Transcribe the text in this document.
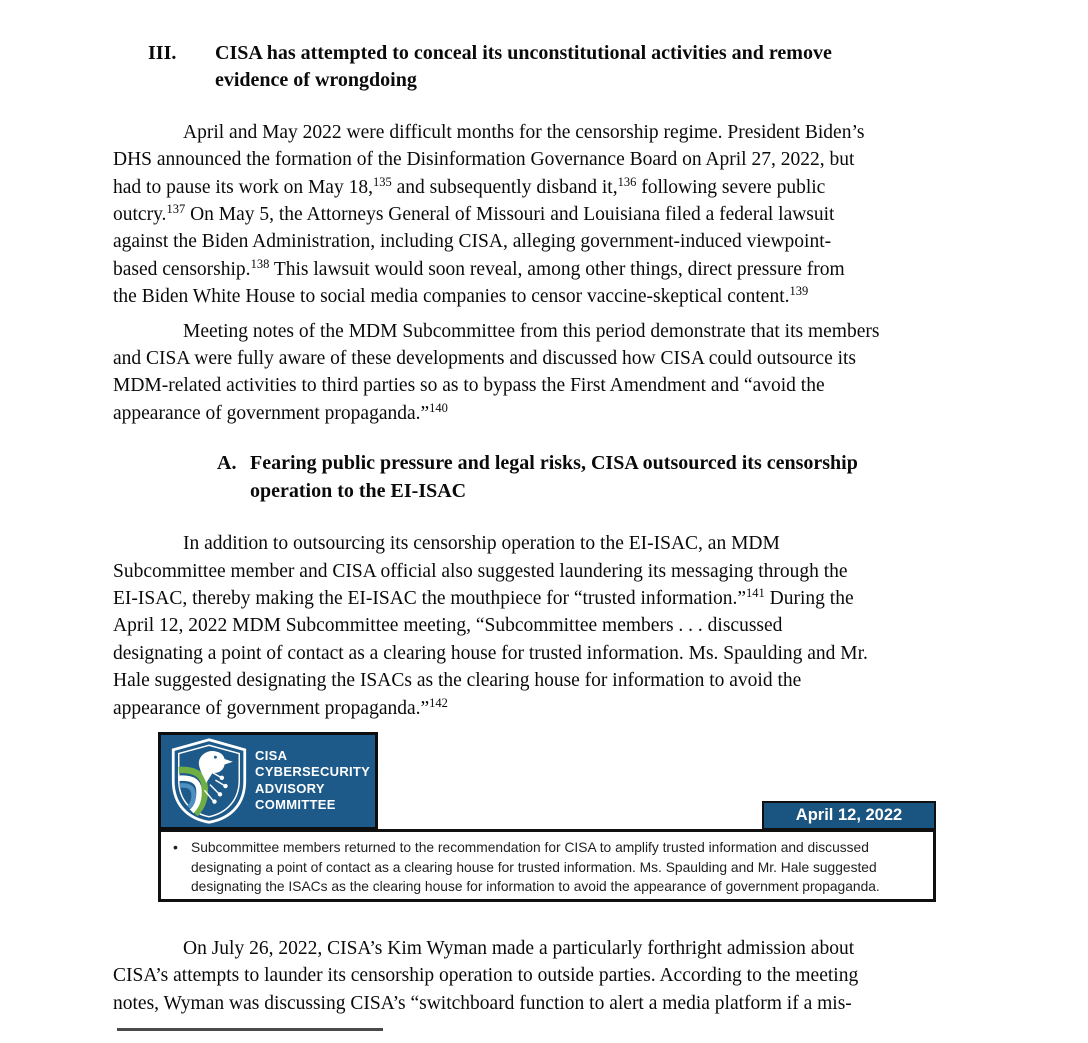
III.	CISA has attempted to conceal its unconstitutional activities and remove
evidence of wrongdoing
April and May 2022 were difficult months for the censorship regime. President Biden’s
DHS announced the formation of the Disinformation Governance Board on April 27, 2022, but
had to pause its work on May 18,$^{135}$ and subsequently disband it,$^{136}$ following severe public
outcry.$^{137}$ On May 5, the Attorneys General of Missouri and Louisiana filed a federal lawsuit
against the Biden Administration, including CISA, alleging government-induced viewpoint-
based censorship.$^{138}$ This lawsuit would soon reveal, among other things, direct pressure from
the Biden White House to social media companies to censor vaccine-skeptical content.$^{139}$
Meeting notes of the MDM Subcommittee from this period demonstrate that its members
and CISA were fully aware of these developments and discussed how CISA could outsource its
MDM-related activities to third parties so as to bypass the First Amendment and “avoid the
appearance of government propaganda.”$^{140}$
A. Fearing public pressure and legal risks, CISA outsourced its censorship
operation to the EI-ISAC
In addition to outsourcing its censorship operation to the EI-ISAC, an MDM
Subcommittee member and CISA official also suggested laundering its messaging through the
EI-ISAC, thereby making the EI-ISAC the mouthpiece for “trusted information.”$^{141}$ During the
April 12, 2022 MDM Subcommittee meeting, “Subcommittee members . . . discussed
designating a point of contact as a clearing house for trusted information. Ms. Spaulding and Mr.
Hale suggested designating the ISACs as the clearing house for information to avoid the
appearance of government propaganda.”$^{142}$
• Subcommittee members returned to the recommendation for CISA to amplify trusted information and discussed
designating a point of contact as a clearing house for trusted information. Ms. Spaulding and Mr. Hale suggested
designating the ISACs as the clearing house for information to avoid the appearance of government propaganda.
CISA
CYBERSECURITY
ADVISORY
COMMITTEE
April 12, 2022
On July 26, 2022, CISA’s Kim Wyman made a particularly forthright admission about
CISA’s attempts to launder its censorship operation to outside parties. According to the meeting
notes, Wyman was discussing CISA’s “switchboard function to alert a media platform if a mis-
